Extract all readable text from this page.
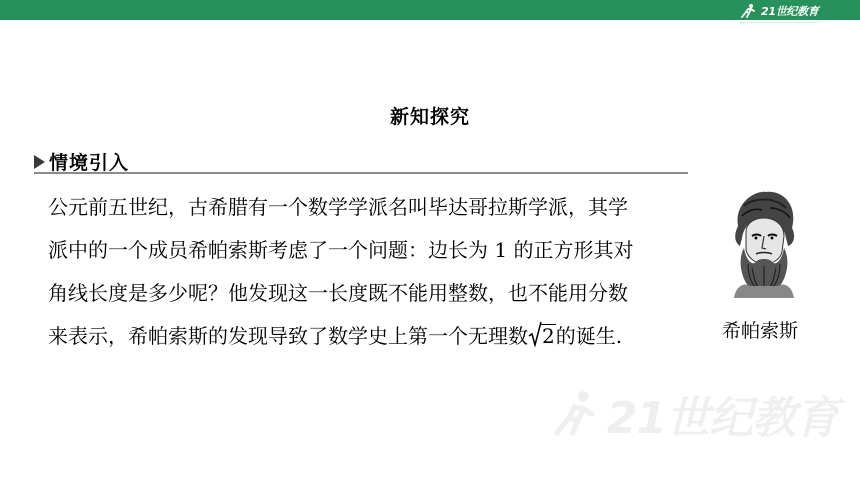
21世纪教育
新知探究
情境引入
公元前五世纪，古希腊有一个数学学派名叫毕达哥拉斯学派，其学
派中的一个成员希帕索斯考虑了一个问题：边长为 1 的正方形其对
角线长度是多少呢？他发现这一长度既不能用整数，也不能用分数
来表示，希帕索斯的发现导致了数学史上第一个无理数 2的诞生.	希帕索斯
21世纪教育
